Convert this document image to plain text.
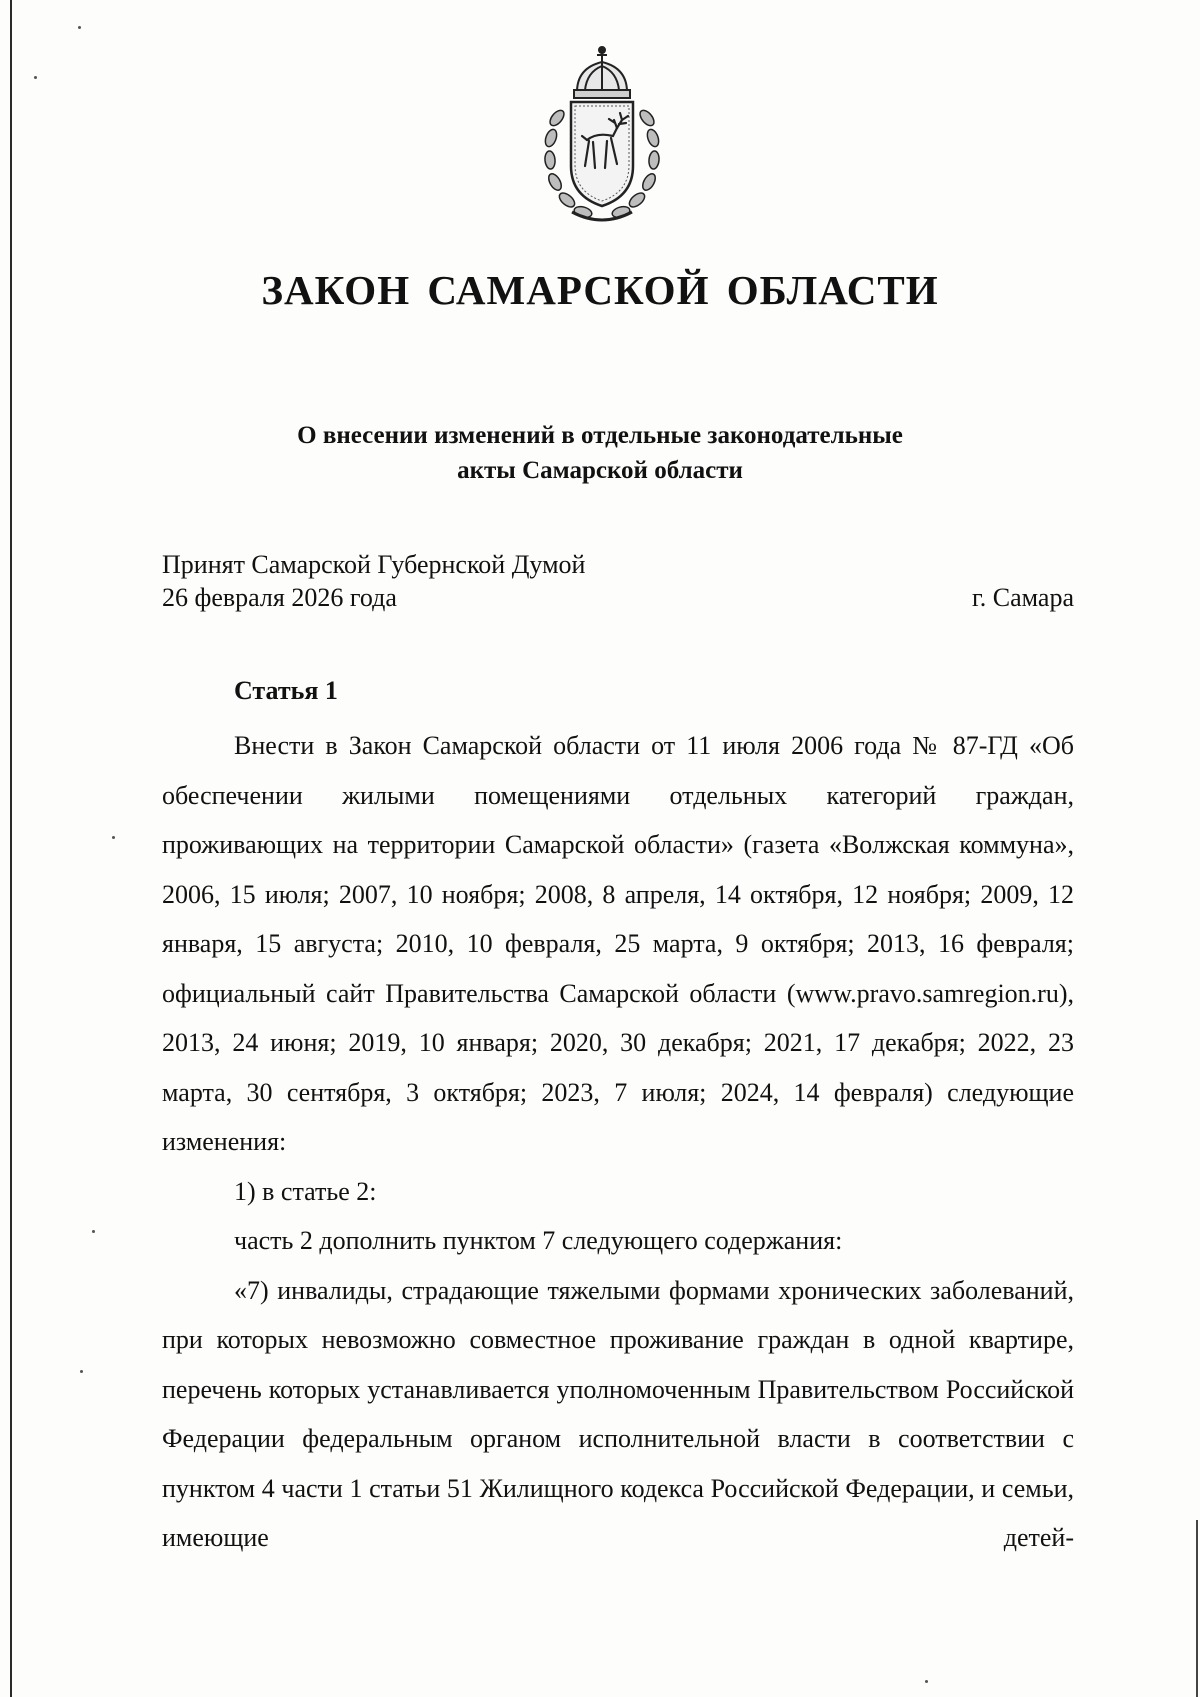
ЗАКОН САМАРСКОЙ ОБЛАСТИ
О внесении изменений в отдельные законодательные
акты Самарской области
Принят Самарской Губернской Думой
26 февраля 2026 года	г. Самара
Статья 1

Внести в Закон Самарской области от 11 июля 2006 года № 87-ГД «Об обеспечении жилыми помещениями отдельных категорий граждан, проживающих на территории Самарской области» (газета «Волжская коммуна», 2006, 15 июля; 2007, 10 ноября; 2008, 8 апреля, 14 октября, 12 ноября; 2009, 12 января, 15 августа; 2010, 10 февраля, 25 марта, 9 октября; 2013, 16 февраля; официальный сайт Правительства Самарской области (www.pravo.samregion.ru), 2013, 24 июня; 2019, 10 января; 2020, 30 декабря; 2021, 17 декабря; 2022, 23 марта, 30 сентября, 3 октября; 2023, 7 июля; 2024, 14 февраля) следующие изменения:

1) в статье 2:

часть 2 дополнить пунктом 7 следующего содержания:

«7) инвалиды, страдающие тяжелыми формами хронических заболеваний, при которых невозможно совместное проживание граждан в одной квартире, перечень которых устанавливается уполномоченным Правительством Российской Федерации федеральным органом исполнительной власти в соответствии с пунктом 4 части 1 статьи 51 Жилищного кодекса Российской Федерации, и семьи, имеющие детей-
